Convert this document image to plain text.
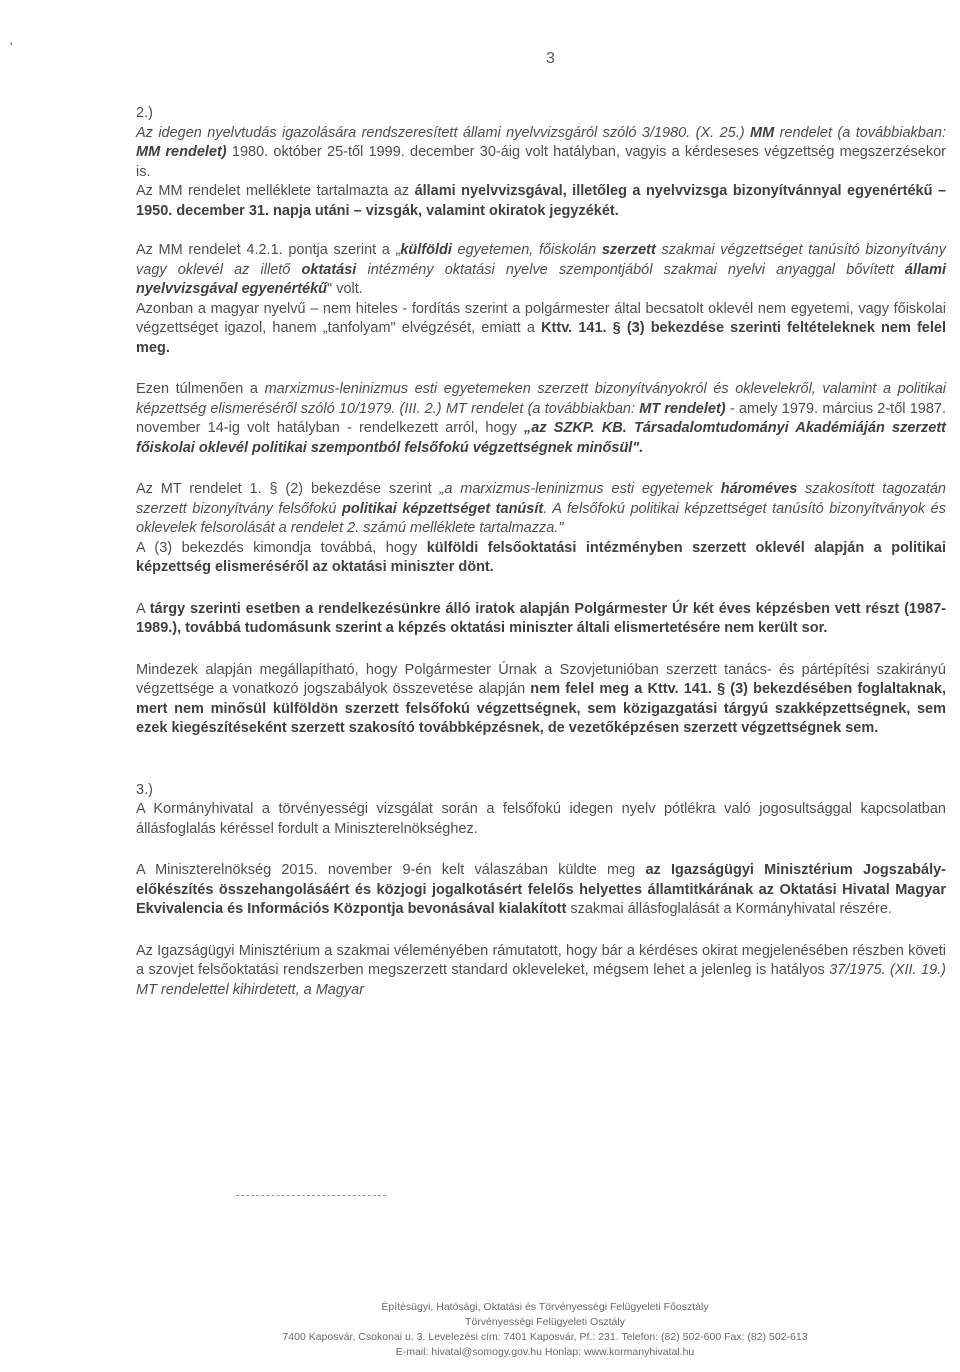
'
3

2.)

Az idegen nyelvtudás igazolására rendszeresített állami nyelvvizsgáról szóló 3/1980. (X. 25.) MM rendelet (a továbbiakban: MM rendelet) 1980. október 25-től 1999. december 30-áig volt hatályban, vagyis a kérdeseses végzettség megszerzésekor is.

Az MM rendelet melléklete tartalmazta az állami nyelvvizsgával, illetőleg a nyelvvizsga bizonyítvánnyal egyenértékű – 1950. december 31. napja utáni – vizsgák, valamint okiratok jegyzékét.

Az MM rendelet 4.2.1. pontja szerint a „külföldi egyetemen, főiskolán szerzett szakmai végzettséget tanúsító bizonyítvány vagy oklevél az illető oktatási intézmény oktatási nyelve szempontjából szakmai nyelvi anyaggal bővített állami nyelvvizsgával egyenértékű" volt.

Azonban a magyar nyelvű – nem hiteles - fordítás szerint a polgármester által becsatolt oklevél nem egyetemi, vagy főiskolai végzettséget igazol, hanem „tanfolyam" elvégzését, emiatt a Kttv. 141. § (3) bekezdése szerinti feltételeknek nem felel meg.

Ezen túlmenően a marxizmus-leninizmus esti egyetemeken szerzett bizonyítványokról és oklevelekről, valamint a politikai képzettség elismeréséről szóló 10/1979. (III. 2.) MT rendelet (a továbbiakban: MT rendelet) - amely 1979. március 2-től 1987. november 14-ig volt hatályban - rendelkezett arról, hogy „az SZKP. KB. Társadalomtudományi Akadémiáján szerzett főiskolai oklevél politikai szempontból felsőfokú végzettségnek minősül".

Az MT rendelet 1. § (2) bekezdése szerint „a marxizmus-leninizmus esti egyetemek hároméves szakosított tagozatán szerzett bizonyítvány felsőfokú politikai képzettséget tanúsít. A felsőfokú politikai képzettséget tanúsító bizonyítványok és oklevelek felsorolását a rendelet 2. számú melléklete tartalmazza."

A (3) bekezdés kimondja továbbá, hogy külföldi felsőoktatási intézményben szerzett oklevél alapján a politikai képzettség elismeréséről az oktatási miniszter dönt.

A tárgy szerinti esetben a rendelkezésünkre álló iratok alapján Polgármester Úr két éves képzésben vett részt (1987-1989.), továbbá tudomásunk szerint a képzés oktatási miniszter általi elismertetésére nem került sor.

Mindezek alapján megállapítható, hogy Polgármester Úrnak a Szovjetunióban szerzett tanács- és pártépítési szakirányú végzettsége a vonatkozó jogszabályok összevetése alapján nem felel meg a Kttv. 141. § (3) bekezdésében foglaltaknak, mert nem minősül külföldön szerzett felsőfokú végzettségnek, sem közigazgatási tárgyú szakképzettségnek, sem ezek kiegészítéseként szerzett szakosító továbbképzésnek, de vezetőképzésen szerzett végzettségnek sem.

3.)

A Kormányhivatal a törvényességi vizsgálat során a felsőfokú idegen nyelv pótlékra való jogosultsággal kapcsolatban állásfoglalás kéréssel fordult a Miniszterelnökséghez.

A Miniszterelnökség 2015. november 9-én kelt válaszában küldte meg az Igazságügyi Minisztérium Jogszabály- előkészítés összehangolásáért és közjogi jogalkotásért felelős helyettes államtitkárának az Oktatási Hivatal Magyar Ekvivalencia és Információs Központja bevonásával kialakított szakmai állásfoglalását a Kormányhivatal részére.

Az Igazságügyi Minisztérium a szakmai véleményében rámutatott, hogy bár a kérdéses okirat megjelenésében részben követi a szovjet felsőoktatási rendszerben megszerzett standard okleveleket, mégsem lehet a jelenleg is hatályos 37/1975. (XII. 19.) MT rendelettel kihirdetett, a Magyar

Építésügyi, Hatósági, Oktatási és Törvényességi Felügyeleti Főosztály
Törvényességi Felügyeleti Osztály
7400 Kaposvár, Csokonai u. 3. Levelezési cím: 7401 Kaposvár, Pf.: 231. Telefon: (82) 502-600 Fax: (82) 502-613
E-mail: hivatal@somogy.gov.hu Honlap: www.kormanyhivatal.hu
